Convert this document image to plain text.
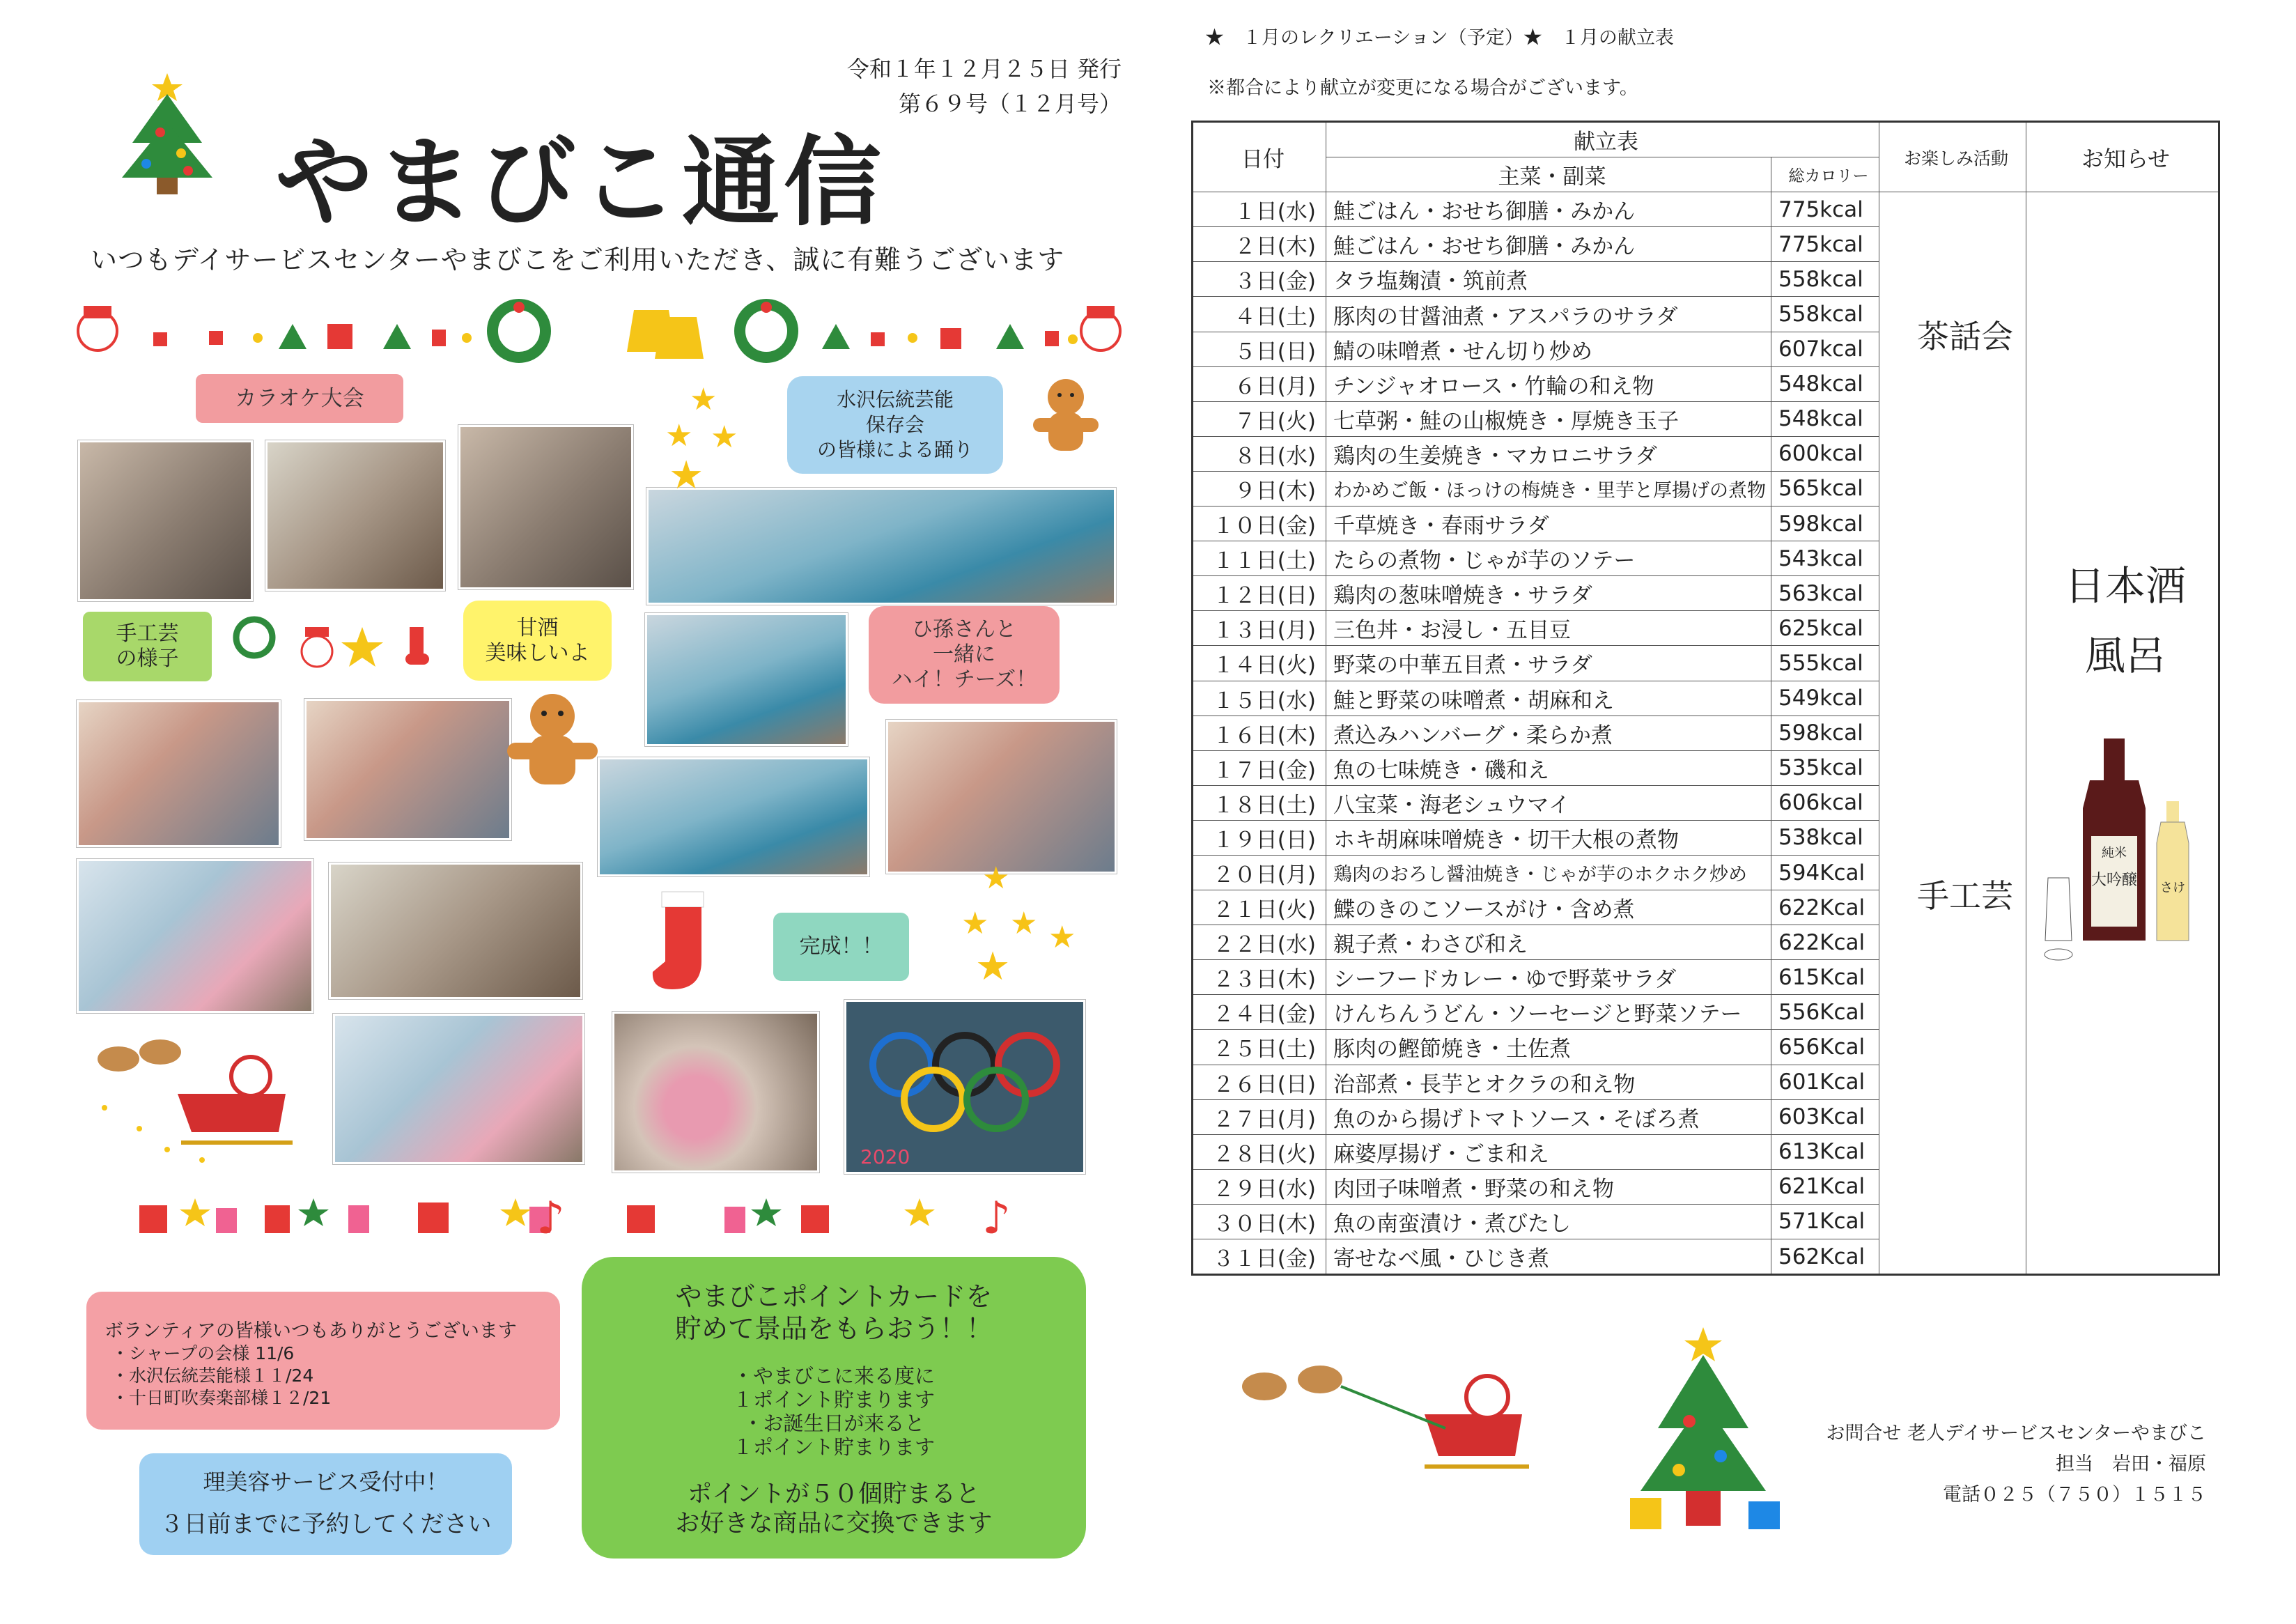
令和１年１２月２５日 発行
第６９号（１２月号）
やまびこ通信
いつもデイサービスセンターやまびこをご利用いただき、誠に有難うございます
カラオケ大会	水沢伝統芸能
保存会
の皆様による踊り
手工芸
の様子
甘酒
美味しいよ
ひ孫さんと
一緒に
ハイ！チーズ！
完成！！
2020
★
★ ★
★
★
★ ★
★
★
♪	♪
ボランティアの皆様いつもありがとうございます
・シャープの会様 11/6
・水沢伝統芸能様１１/24
・十日町吹奏楽部様１２/21
理美容サービス受付中！
３日前までに予約してください
やまびこポイントカードを
貯めて景品をもらおう！！
・やまびこに来る度に
１ポイント貯まります
・お誕生日が来ると
１ポイント貯まります
ポイントが５０個貯まると
お好きな商品に交換できます
★　１月のレクリエーション（予定）★　１月の献立表
※都合により献立が変更になる場合がございます。
日付	献立表		お楽しみ活動	お知らせ
	主菜・副菜	総カロリー		
１日(水)	鮭ごはん・おせち御膳・みかん	775kcal		
２日(木)	鮭ごはん・おせち御膳・みかん	775kcal		
３日(金)	タラ塩麹漬・筑前煮	558kcal		
４日(土)	豚肉の甘醤油煮・アスパラのサラダ	558kcal		
５日(日)	鯖の味噌煮・せん切り炒め	607kcal		
６日(月)	チンジャオロース・竹輪の和え物	548kcal		
７日(火)	七草粥・鮭の山椒焼き・厚焼き玉子	548kcal		
８日(水)	鶏肉の生姜焼き・マカロニサラダ	600kcal		
９日(木)	わかめご飯・ほっけの梅焼き・里芋と厚揚げの煮物	565kcal		
１０日(金)	千草焼き・春雨サラダ	598kcal		
１１日(土)	たらの煮物・じゃが芋のソテー	543kcal		
１２日(日)	鶏肉の葱味噌焼き・サラダ	563kcal		
１３日(月)	三色丼・お浸し・五目豆	625kcal		
１４日(火)	野菜の中華五目煮・サラダ	555kcal		
１５日(水)	鮭と野菜の味噌煮・胡麻和え	549kcal		
１６日(木)	煮込みハンバーグ・柔らか煮	598kcal		
１７日(金)	魚の七味焼き・磯和え	535kcal		
１８日(土)	八宝菜・海老シュウマイ	606kcal		
１９日(日)	ホキ胡麻味噌焼き・切干大根の煮物	538kcal		
２０日(月)	鶏肉のおろし醤油焼き・じゃが芋のホクホク炒め	594Kcal		
２１日(火)	鰈のきのこソースがけ・含め煮	622Kcal		
２２日(水)	親子煮・わさび和え	622Kcal		
２３日(木)	シーフードカレー・ゆで野菜サラダ	615Kcal		
２４日(金)	けんちんうどん・ソーセージと野菜ソテー	556Kcal		
２５日(土)	豚肉の鰹節焼き・土佐煮	656Kcal		
２６日(日)	治部煮・長芋とオクラの和え物	601Kcal		
２７日(月)	魚のから揚げトマトソース・そぼろ煮	603Kcal		
２８日(火)	麻婆厚揚げ・ごま和え	613Kcal		
２９日(水)	肉団子味噌煮・野菜の和え物	621Kcal		
３０日(木)	魚の南蛮漬け・煮びたし	571Kcal		
３１日(金)	寄せなべ風・ひじき煮	562Kcal		
茶話会
手工芸
日本酒
風呂
純米
大吟醸 さけ
お問合せ 老人デイサービスセンターやまびこ
担当　岩田・福原
電話０２５（７５０）１５１５
